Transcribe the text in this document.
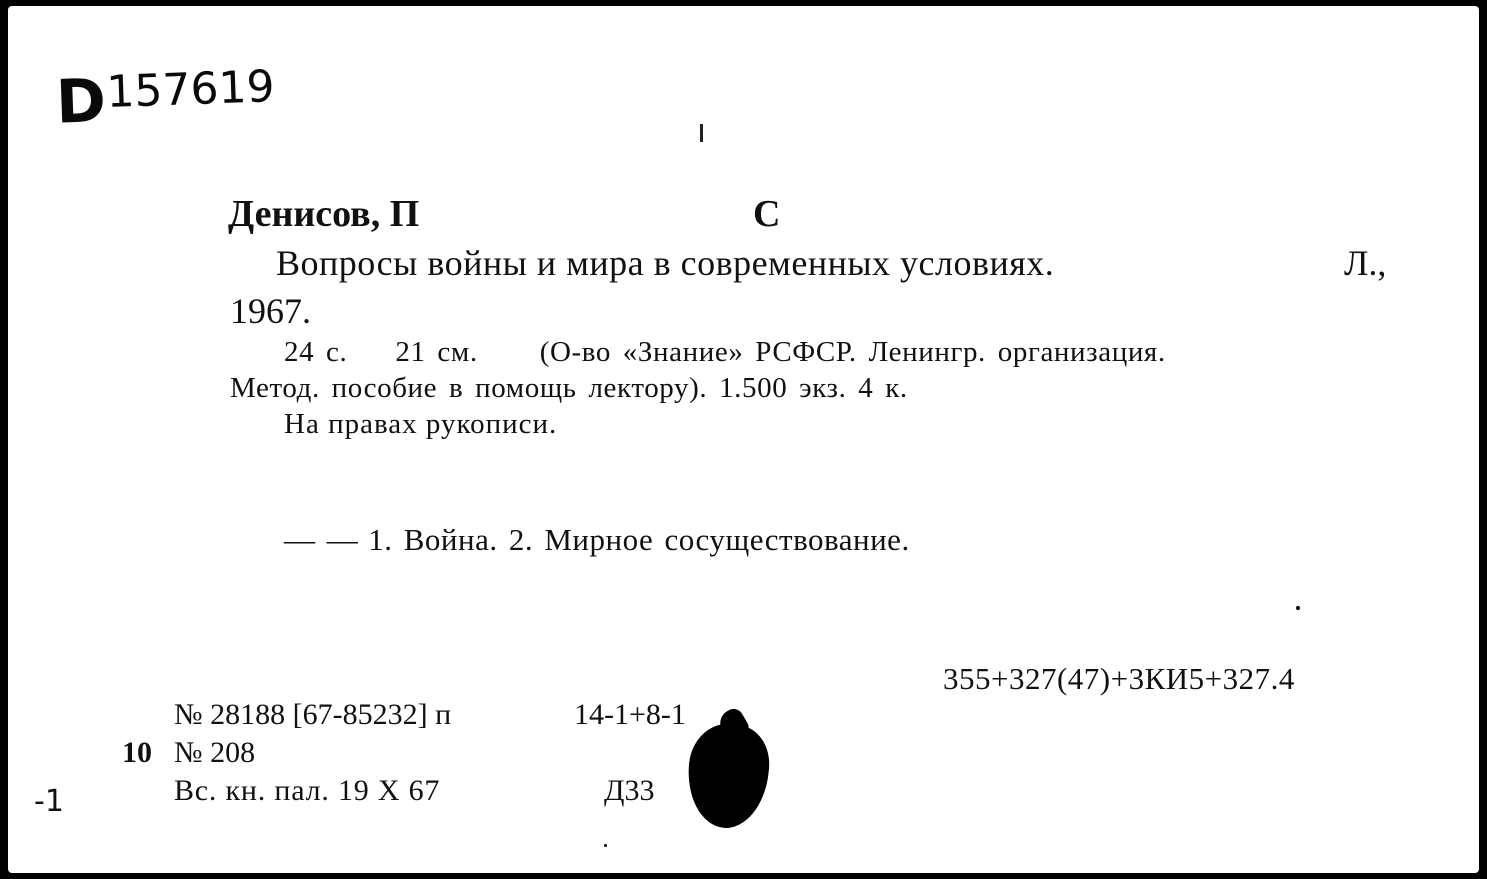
$D^{157619}$
Денисов, П	С
Вопросы войны и мира в современных условиях.	Л.,
1967.
24 с. 21 см. (О-во «Знание» РСФСР. Ленингр. организация.
Метод. пособие в помощь лектору). 1.500 экз. 4 к.
На правах рукописи.
— — 1. Война. 2. Мирное сосуществование.
355+327(47)+3КИ5+327.4
№ 28188 [67-85232] п	14-1+8-1
10 № 208
Вс. кн. пал. 19 X 67	Д33
-1
